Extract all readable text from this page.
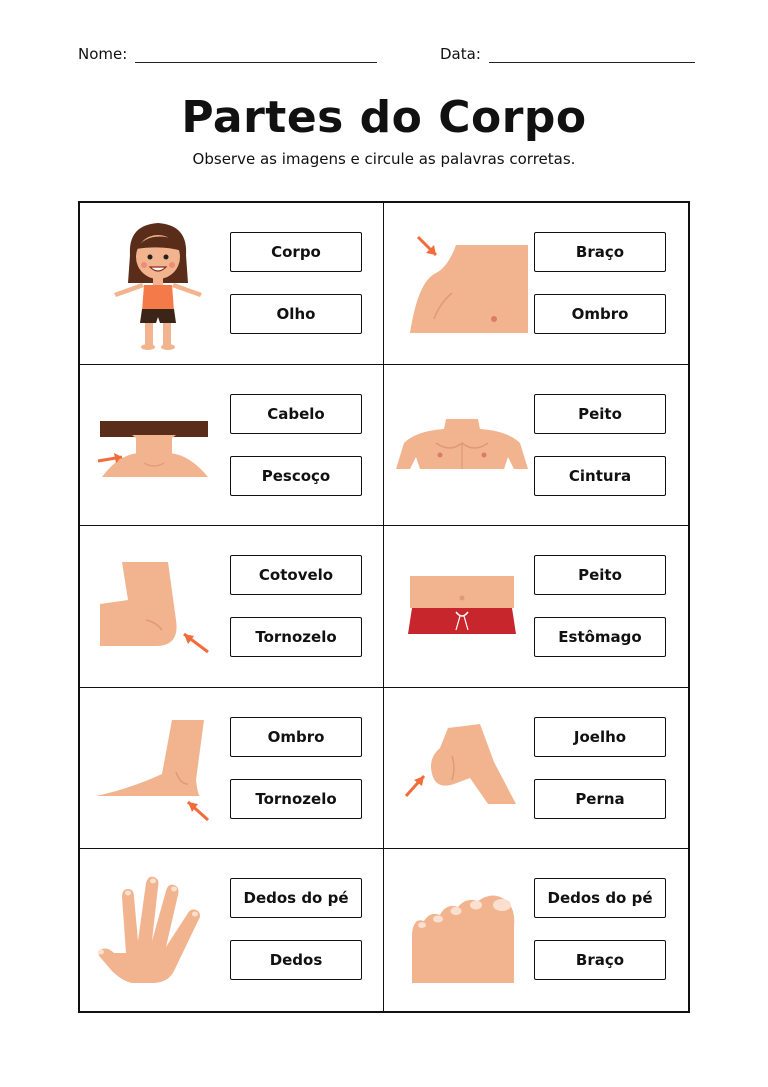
Nome:	Data:
Partes do Corpo
Observe as imagens e circule as palavras corretas.
Corpo
Olho
Braço
Ombro
Cabelo
Pescoço
Peito
Cintura
Cotovelo
Tornozelo
Peito
Estômago
Ombro
Tornozelo
Joelho
Perna
Dedos do pé
Dedos
Dedos do pé
Braço
